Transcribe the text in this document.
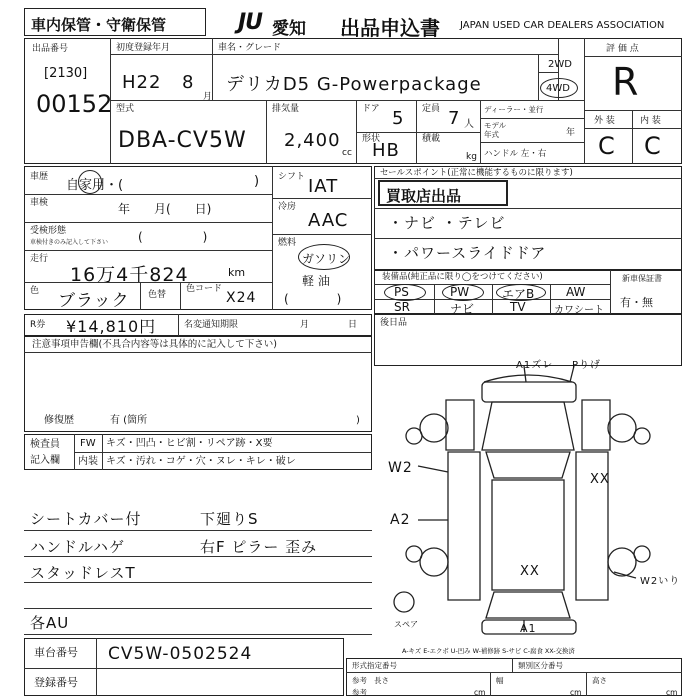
車内保管・守衛保管	JU 愛知 出品申込書 JAPAN USED CAR DEALERS ASSOCIATION
出品番号
[2130]
00152
初度登録年月
H22 8
月
車名・グレード
デリカD5 G-Powerpackage
2WD
4WD
評 価 点
R
外 装	内 装
C C
型式
DBA-CV5W
排気量
2,400
cc
ドア 5 定員 7 人
形状
HB
積載
kg
ディーラー・並行
モデル
年式	年
ハンドル 左・右
車歴
自家用・(	)
車検	年　　月(　　日)
受検形態
車検付きのみ記入して下さい (　　　　　)
走行
16万4千824	km
色 ブラック 色替
色コード
X24
シフト IAT
冷房
AAC
燃料
ガソリン
軽 油
(　　　　)
セールスポイント(正常に機能するものに限ります)
買取店出品
・ナビ ・テレビ
・パワースライドドア
装備品(純正品に限り◯をつけてください)
PS	PW	エアB	AW
SR	ナビ	TV	カワシート
新車保証書
有・無
R券 ¥14,810円	名変通知期限	月	日	後日品
注意事項申告欄(不具合内容等は具体的に記入して下さい)
修復歴	有 (箇所	)
検査員
記入欄
FW キズ・凹凸・ヒビ割・リペア跡・X要
内装 キズ・汚れ・コゲ・穴・ヌレ・キレ・破レ
シートカバー付
ハンドルハゲ
スタッドレスT
各AU
下廻りS
右F ピラー 歪み
A1ズレ Pりげ
W2
A2
XX
XX
W2いり
A1
スペア
A-キズ E-エクボ U-凹み W-補修跡 S-サビ C-腐食 XX-交換済
車台番号 CV5W-0502524
登録番号
形式指定番号	類別区分番号
参考 長さ
cm
参考
幅
cm
高さ
cm
